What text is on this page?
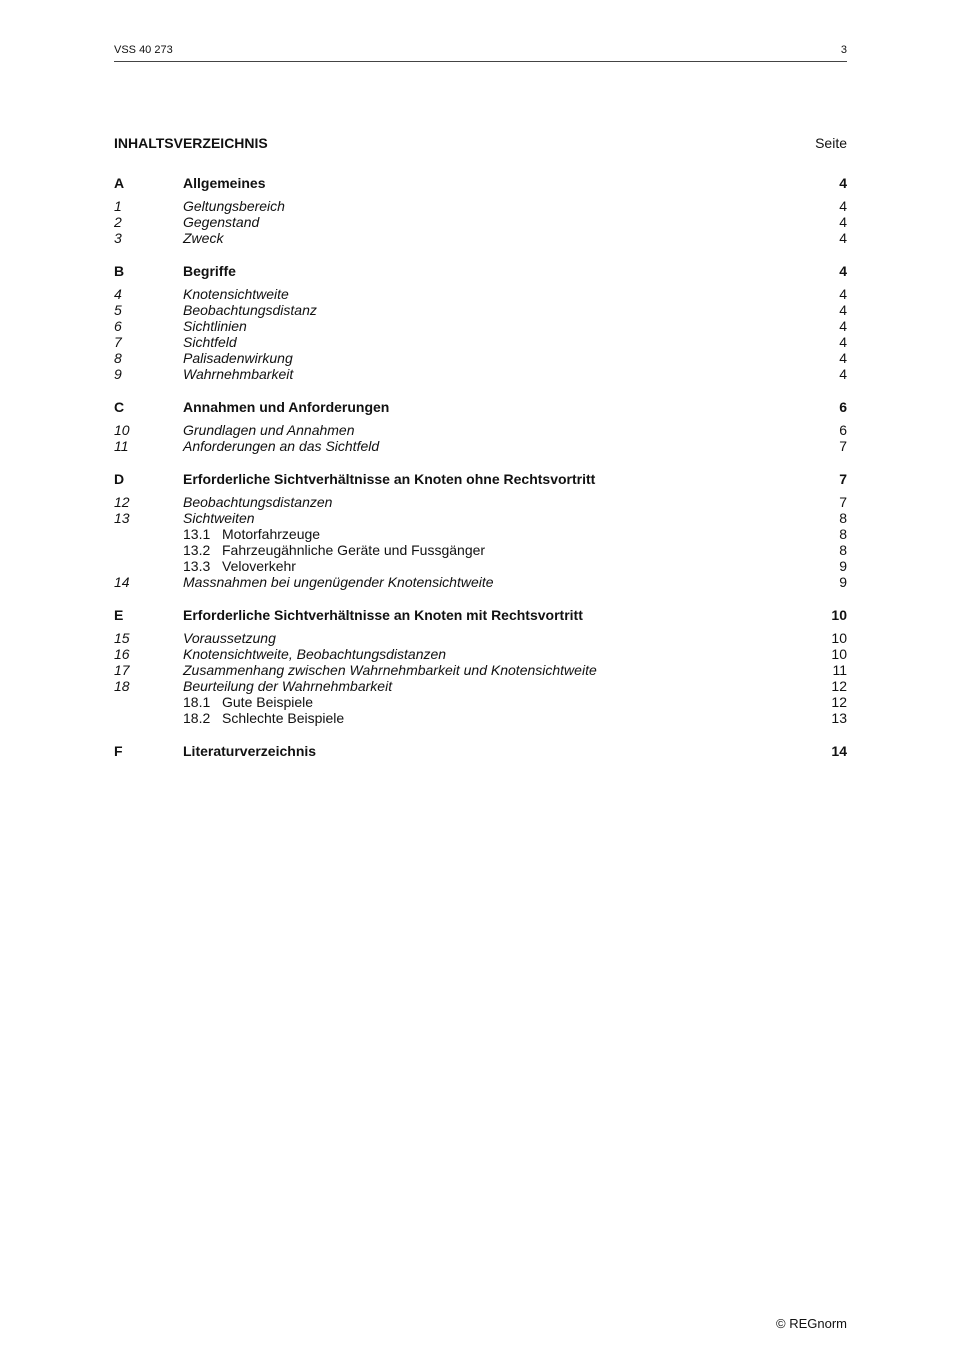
VSS 40 273	3
INHALTSVERZEICHNIS	Seite
A	Allgemeines	4
1	Geltungsbereich	4
2	Gegenstand	4
3	Zweck	4
B	Begriffe	4
4	Knotensichtweite	4
5	Beobachtungsdistanz	4
6	Sichtlinien	4
7	Sichtfeld	4
8	Palisadenwirkung	4
9	Wahrnehmbarkeit	4
C	Annahmen und Anforderungen	6
10	Grundlagen und Annahmen	6
11	Anforderungen an das Sichtfeld	7
D	Erforderliche Sichtverhältnisse an Knoten ohne Rechtsvortritt	7
12	Beobachtungsdistanzen	7
13	Sichtweiten	8
13.1 Motorfahrzeuge	8
13.2 Fahrzeugähnliche Geräte und Fussgänger	8
13.3 Veloverkehr	9
14	Massnahmen bei ungenügender Knotensichtweite	9
E	Erforderliche Sichtverhältnisse an Knoten mit Rechtsvortritt	10
15	Voraussetzung	10
16	Knotensichtweite, Beobachtungsdistanzen	10
17	Zusammenhang zwischen Wahrnehmbarkeit und Knotensichtweite	11
18	Beurteilung der Wahrnehmbarkeit	12
18.1 Gute Beispiele	12
18.2 Schlechte Beispiele	13
F	Literaturverzeichnis	14
© REGnorm
